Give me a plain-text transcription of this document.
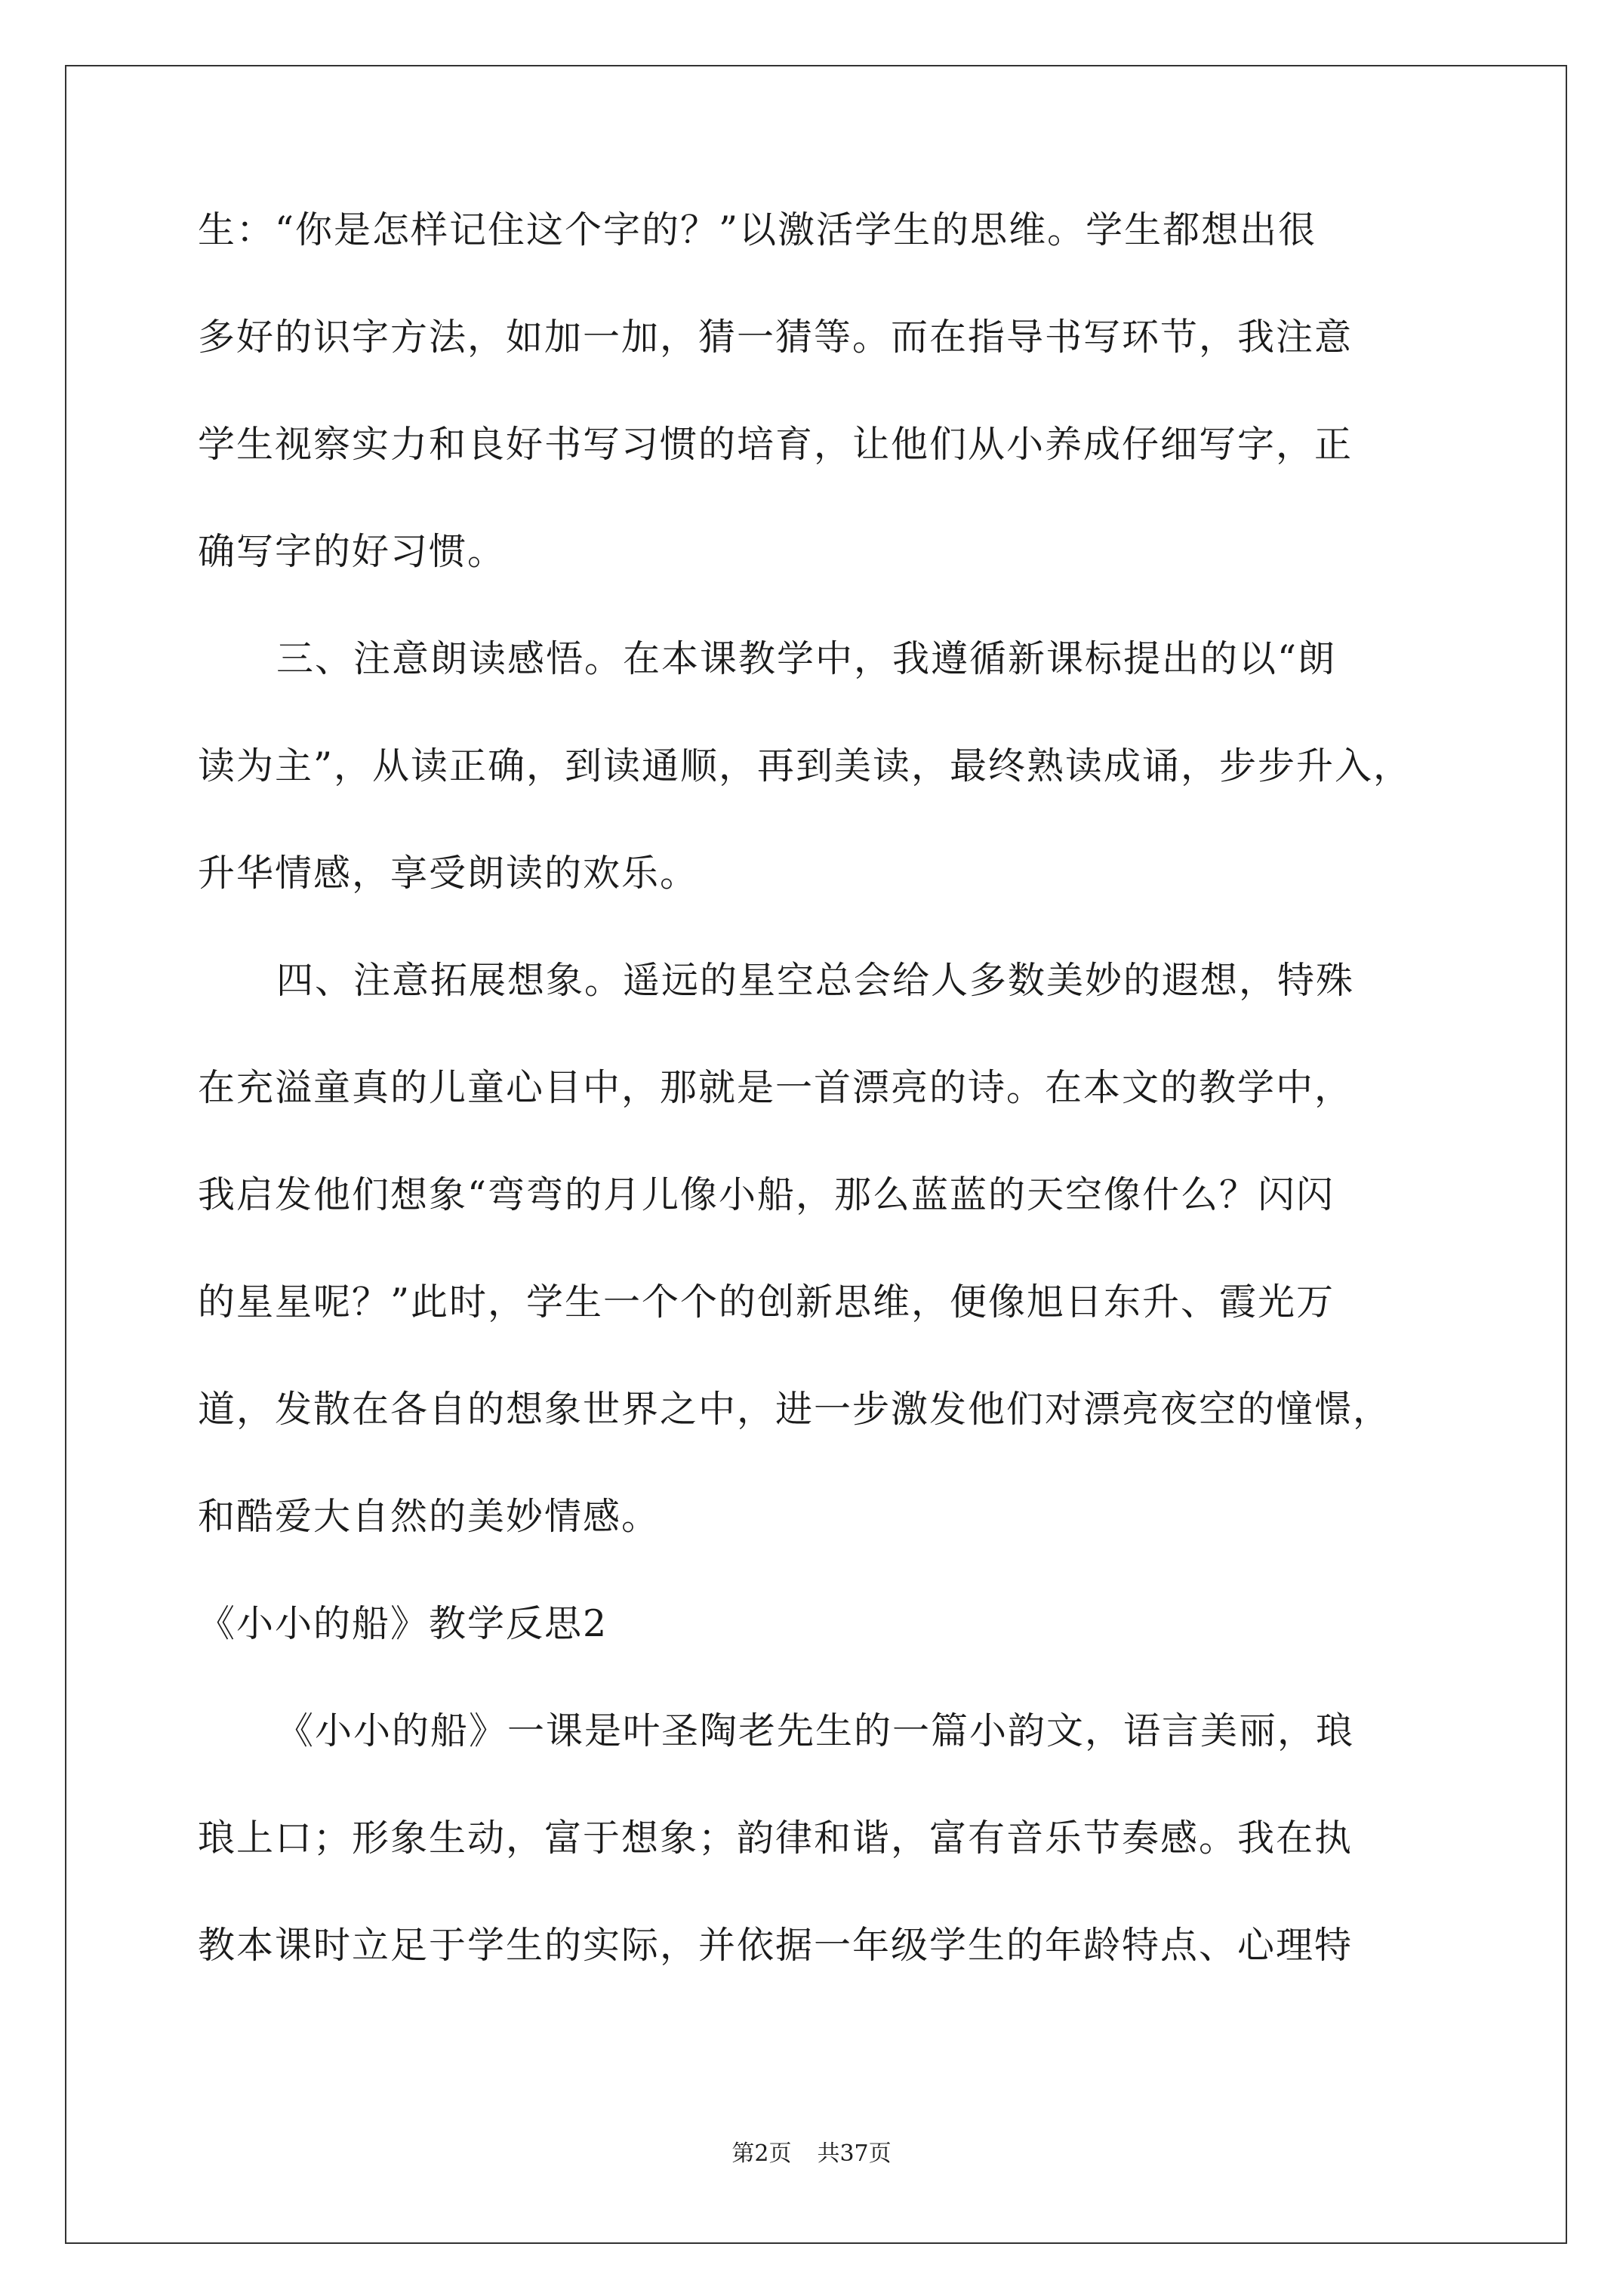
生：“你是怎样记住这个字的？”以激活学生的思维。学生都想出很
多好的识字方法，如加一加，猜一猜等。而在指导书写环节，我注意
学生视察实力和良好书写习惯的培育，让他们从小养成仔细写字，正
确写字的好习惯。
三、注意朗读感悟。在本课教学中，我遵循新课标提出的以“朗
读为主”，从读正确，到读通顺，再到美读，最终熟读成诵，步步升入，
升华情感，享受朗读的欢乐。
四、注意拓展想象。遥远的星空总会给人多数美妙的遐想，特殊
在充溢童真的儿童心目中，那就是一首漂亮的诗。在本文的教学中，
我启发他们想象“弯弯的月儿像小船，那么蓝蓝的天空像什么？闪闪
的星星呢？”此时，学生一个个的创新思维，便像旭日东升、霞光万
道，发散在各自的想象世界之中，进一步激发他们对漂亮夜空的憧憬，
和酷爱大自然的美妙情感。
《小小的船》教学反思2
《小小的船》一课是叶圣陶老先生的一篇小韵文，语言美丽，琅
琅上口；形象生动，富于想象；韵律和谐，富有音乐节奏感。我在执
教本课时立足于学生的实际，并依据一年级学生的年龄特点、心理特
第2页 共37页
